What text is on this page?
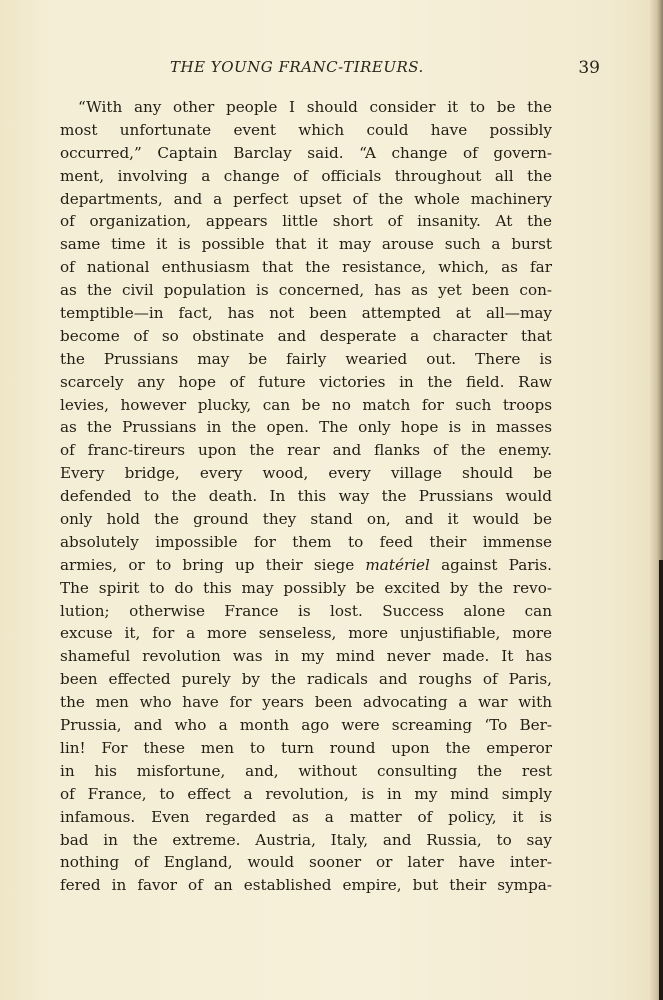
THE YOUNG FRANC-TIREURS.	39
“With any other people I should consider it to be the
most unfortunate event which could have possibly
occurred,” Captain Barclay said. “A change of govern-
ment, involving a change of officials throughout all the
departments, and a perfect upset of the whole machinery
of organization, appears little short of insanity. At the
same time it is possible that it may arouse such a burst
of national enthusiasm that the resistance, which, as far
as the civil population is concerned, has as yet been con-
temptible—in fact, has not been attempted at all—may
become of so obstinate and desperate a character that
the Prussians may be fairly wearied out. There is
scarcely any hope of future victories in the field. Raw
levies, however plucky, can be no match for such troops
as the Prussians in the open. The only hope is in masses
of franc-tireurs upon the rear and flanks of the enemy.
Every bridge, every wood, every village should be
defended to the death. In this way the Prussians would
only hold the ground they stand on, and it would be
absolutely impossible for them to feed their immense
armies, or to bring up their siege matériel against Paris.
The spirit to do this may possibly be excited by the revo-
lution; otherwise France is lost. Success alone can
excuse it, for a more senseless, more unjustifiable, more
shameful revolution was in my mind never made. It has
been effected purely by the radicals and roughs of Paris,
the men who have for years been advocating a war with
Prussia, and who a month ago were screaming ‘To Ber-
lin! For these men to turn round upon the emperor
in his misfortune, and, without consulting the rest
of France, to effect a revolution, is in my mind simply
infamous. Even regarded as a matter of policy, it is
bad in the extreme. Austria, Italy, and Russia, to say
nothing of England, would sooner or later have inter-
fered in favor of an established empire, but their sympa-
